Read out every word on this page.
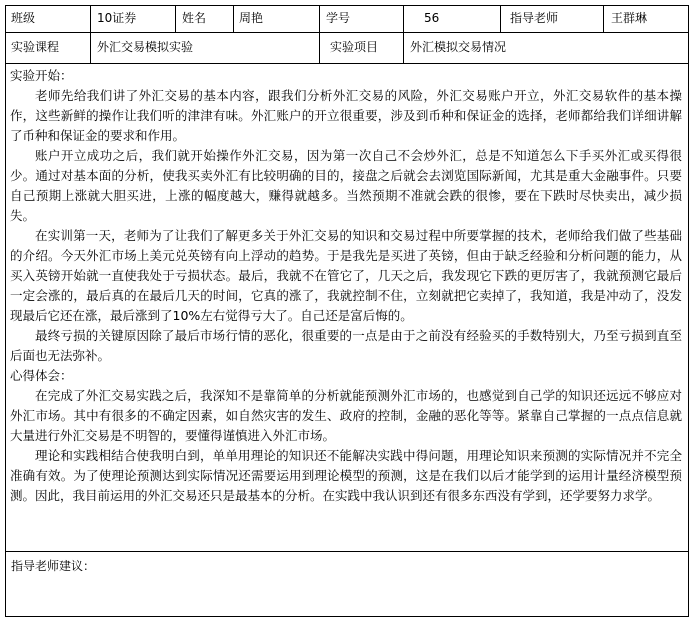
班级	10证券	姓名	周艳	学号	56	指导老师	王群琳
实验课程	外汇交易模拟实验	实验项目	外汇模拟交易情况
实验开始：

老师先给我们讲了外汇交易的基本内容，跟我们分析外汇交易的风险，外汇交易账户开立，外汇交易软件的基本操作，这些新鲜的操作让我们听的津津有味。外汇账户的开立很重要，涉及到币种和保证金的选择，老师都给我们详细讲解了币种和保证金的要求和作用。

账户开立成功之后，我们就开始操作外汇交易，因为第一次自己不会炒外汇，总是不知道怎么下手买外汇或买得很少。通过对基本面的分析，使我买卖外汇有比较明确的目的，接盘之后就会去浏览国际新闻，尤其是重大金融事件。只要自己预期上涨就大胆买进，上涨的幅度越大，赚得就越多。当然预期不准就会跌的很惨，要在下跌时尽快卖出，减少损失。

在实训第一天，老师为了让我们了解更多关于外汇交易的知识和交易过程中所要掌握的技术，老师给我们做了些基础的介绍。今天外汇市场上美元兑英镑有向上浮动的趋势。于是我先是买进了英镑，但由于缺乏经验和分析问题的能力，从买入英镑开始就一直使我处于亏损状态。最后，我就不在管它了，几天之后，我发现它下跌的更厉害了，我就预测它最后一定会涨的，最后真的在最后几天的时间，它真的涨了，我就控制不住，立刻就把它卖掉了，我知道，我是冲动了，没发现最后它还在涨，最后涨到了10%左右觉得亏大了。自己还是富后悔的。

最终亏损的关键原因除了最后市场行情的恶化，很重要的一点是由于之前没有经验买的手数特别大，乃至亏损到直至后面也无法弥补。

心得体会：

在完成了外汇交易实践之后，我深知不是靠简单的分析就能预测外汇市场的，也感觉到自己学的知识还远远不够应对外汇市场。其中有很多的不确定因素，如自然灾害的发生、政府的控制，金融的恶化等等。紧靠自己掌握的一点点信息就大量进行外汇交易是不明智的，要懂得谨慎进入外汇市场。

理论和实践相结合使我明白到，单单用理论的知识还不能解决实践中得问题，用理论知识来预测的实际情况并不完全准确有效。为了使理论预测达到实际情况还需要运用到理论模型的预测，这是在我们以后才能学到的运用计量经济模型预测。因此，我目前运用的外汇交易还只是最基本的分析。在实践中我认识到还有很多东西没有学到，还学要努力求学。

指导老师建议：
